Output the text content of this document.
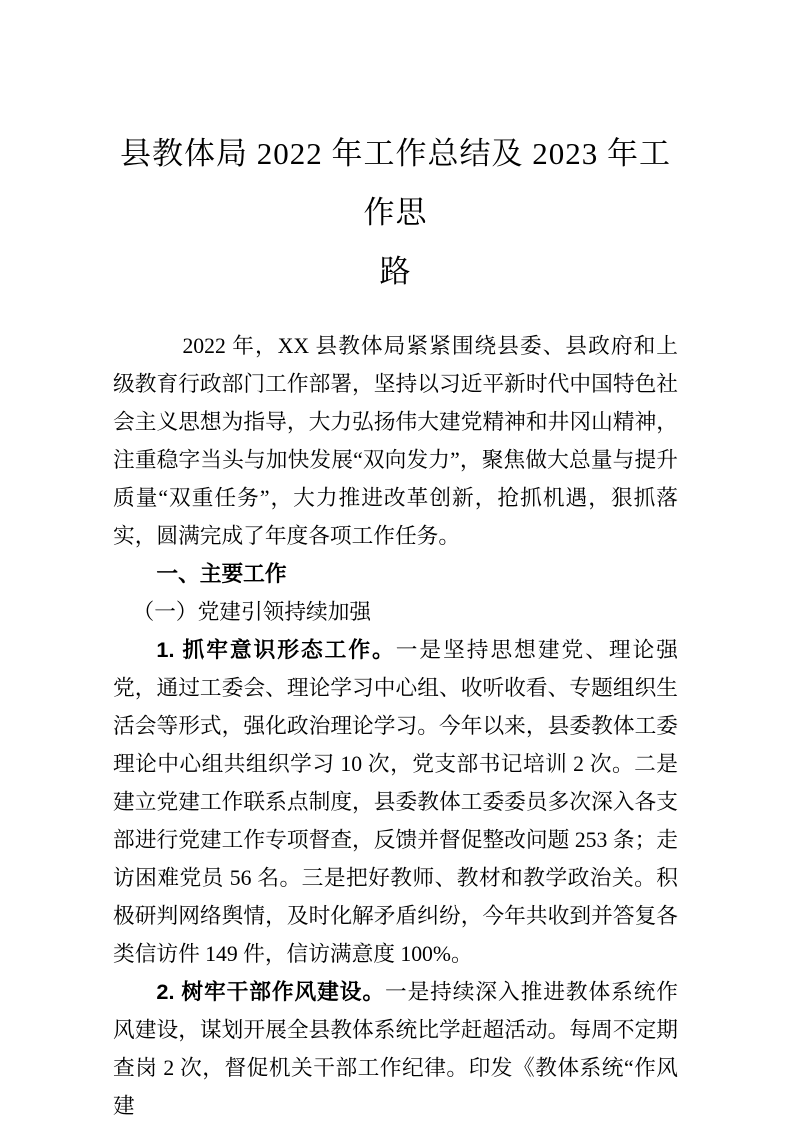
县教体局 2022 年工作总结及 2023 年工作思
路

2022 年，XX 县教体局紧紧围绕县委、县政府和上级教育行政部门工作部署，坚持以习近平新时代中国特色社会主义思想为指导，大力弘扬伟大建党精神和井冈山精神，注重稳字当头与加快发展“双向发力”，聚焦做大总量与提升质量“双重任务”，大力推进改革创新，抢抓机遇，狠抓落实，圆满完成了年度各项工作任务。

一、主要工作
（一）党建引领持续加强

1. 抓牢意识形态工作。一是坚持思想建党、理论强党，通过工委会、理论学习中心组、收听收看、专题组织生活会等形式，强化政治理论学习。今年以来，县委教体工委理论中心组共组织学习 10 次，党支部书记培训 2 次。二是建立党建工作联系点制度，县委教体工委委员多次深入各支部进行党建工作专项督查，反馈并督促整改问题 253 条；走访困难党员 56 名。三是把好教师、教材和教学政治关。积极研判网络舆情，及时化解矛盾纠纷，今年共收到并答复各类信访件 149 件，信访满意度 100%。

2. 树牢干部作风建设。一是持续深入推进教体系统作风建设，谋划开展全县教体系统比学赶超活动。每周不定期查岗 2 次，督促机关干部工作纪律。印发《教体系统“作风建
